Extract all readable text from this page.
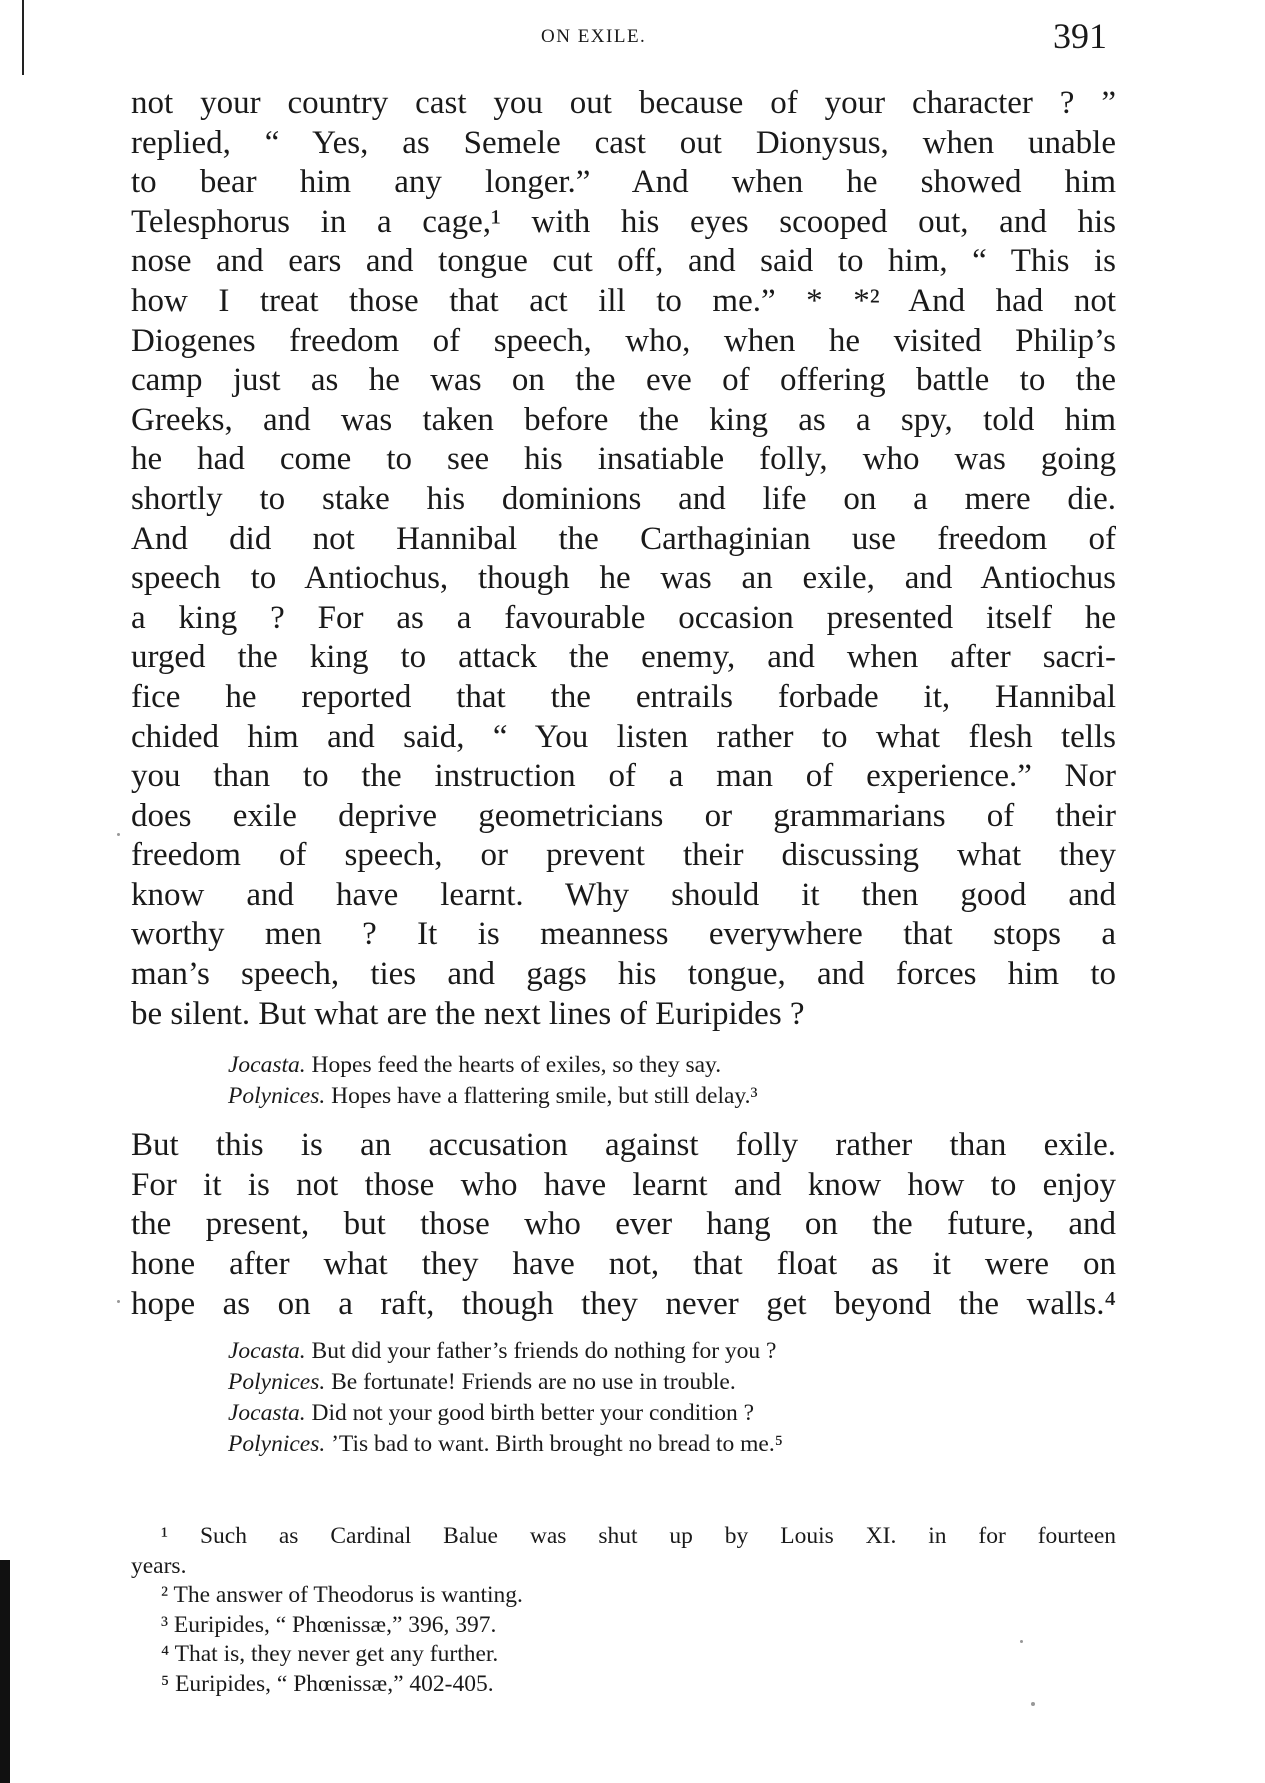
ON EXILE.	391
not your country cast you out because of your character ? ”
replied, “ Yes, as Semele cast out Dionysus, when unable
to bear him any longer.” And when he showed him
Telesphorus in a cage,¹ with his eyes scooped out, and his
nose and ears and tongue cut off, and said to him, “ This is
how I treat those that act ill to me.” * *² And had not
Diogenes freedom of speech, who, when he visited Philip’s
camp just as he was on the eve of offering battle to the
Greeks, and was taken before the king as a spy, told him
he had come to see his insatiable folly, who was going
shortly to stake his dominions and life on a mere die.
And did not Hannibal the Carthaginian use freedom of
speech to Antiochus, though he was an exile, and Antiochus
a king ? For as a favourable occasion presented itself he
urged the king to attack the enemy, and when after sacri-
fice he reported that the entrails forbade it, Hannibal
chided him and said, “ You listen rather to what flesh tells
you than to the instruction of a man of experience.” Nor
does exile deprive geometricians or grammarians of their
freedom of speech, or prevent their discussing what they
know and have learnt. Why should it then good and
worthy men ? It is meanness everywhere that stops a
man’s speech, ties and gags his tongue, and forces him to
be silent. But what are the next lines of Euripides ?
Jocasta. Hopes feed the hearts of exiles, so they say.
Polynices. Hopes have a flattering smile, but still delay.³
But this is an accusation against folly rather than exile.
For it is not those who have learnt and know how to enjoy
the present, but those who ever hang on the future, and
hone after what they have not, that float as it were on
hope as on a raft, though they never get beyond the walls.⁴
Jocasta. But did your father’s friends do nothing for you ?
Polynices. Be fortunate! Friends are no use in trouble.
Jocasta. Did not your good birth better your condition ?
Polynices. ’Tis bad to want. Birth brought no bread to me.⁵
¹ Such as Cardinal Balue was shut up by Louis XI. in for fourteen
years.
² The answer of Theodorus is wanting.
³ Euripides, “ Phœnissæ,” 396, 397.
⁴ That is, they never get any further.
⁵ Euripides, “ Phœnissæ,” 402-405.
